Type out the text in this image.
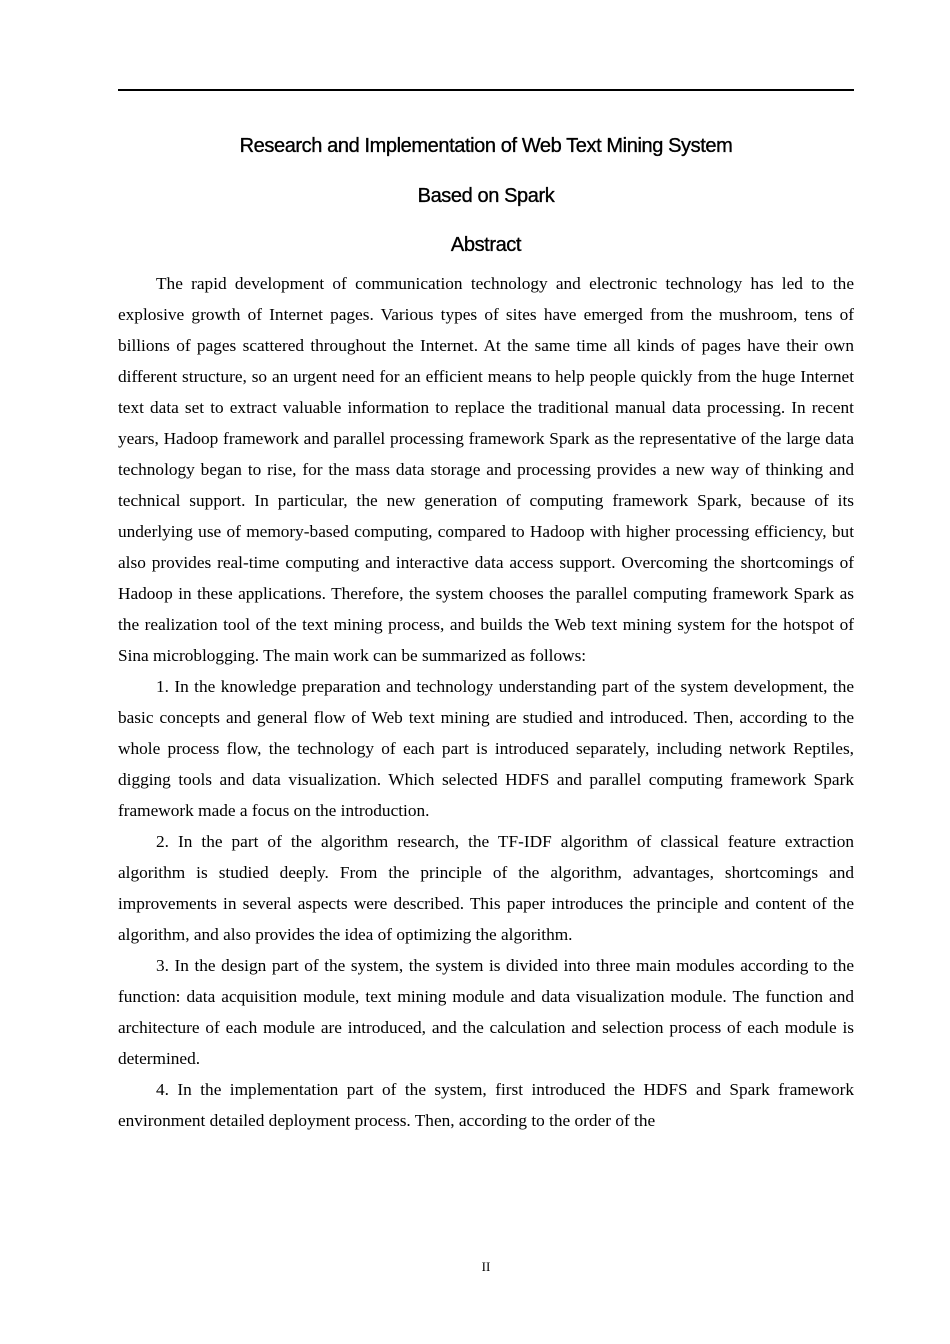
Research and Implementation of Web Text Mining System
Based on Spark
Abstract

The rapid development of communication technology and electronic technology has led to the explosive growth of Internet pages. Various types of sites have emerged from the mushroom, tens of billions of pages scattered throughout the Internet. At the same time all kinds of pages have their own different structure, so an urgent need for an efficient means to help people quickly from the huge Internet text data set to extract valuable information to replace the traditional manual data processing. In recent years, Hadoop framework and parallel processing framework Spark as the representative of the large data technology began to rise, for the mass data storage and processing provides a new way of thinking and technical support. In particular, the new generation of computing framework Spark, because of its underlying use of memory-based computing, compared to Hadoop with higher processing efficiency, but also provides real-time computing and interactive data access support. Overcoming the shortcomings of Hadoop in these applications. Therefore, the system chooses the parallel computing framework Spark as the realization tool of the text mining process, and builds the Web text mining system for the hotspot of Sina microblogging. The main work can be summarized as follows:

1. In the knowledge preparation and technology understanding part of the system development, the basic concepts and general flow of Web text mining are studied and introduced. Then, according to the whole process flow, the technology of each part is introduced separately, including network Reptiles, digging tools and data visualization. Which selected HDFS and parallel computing framework Spark framework made a focus on the introduction.

2. In the part of the algorithm research, the TF-IDF algorithm of classical feature extraction algorithm is studied deeply. From the principle of the algorithm, advantages, shortcomings and improvements in several aspects were described. This paper introduces the principle and content of the algorithm, and also provides the idea of optimizing the algorithm.

3. In the design part of the system, the system is divided into three main modules according to the function: data acquisition module, text mining module and data visualization module. The function and architecture of each module are introduced, and the calculation and selection process of each module is determined.

4. In the implementation part of the system, first introduced the HDFS and Spark framework environment detailed deployment process. Then, according to the order of the

II
